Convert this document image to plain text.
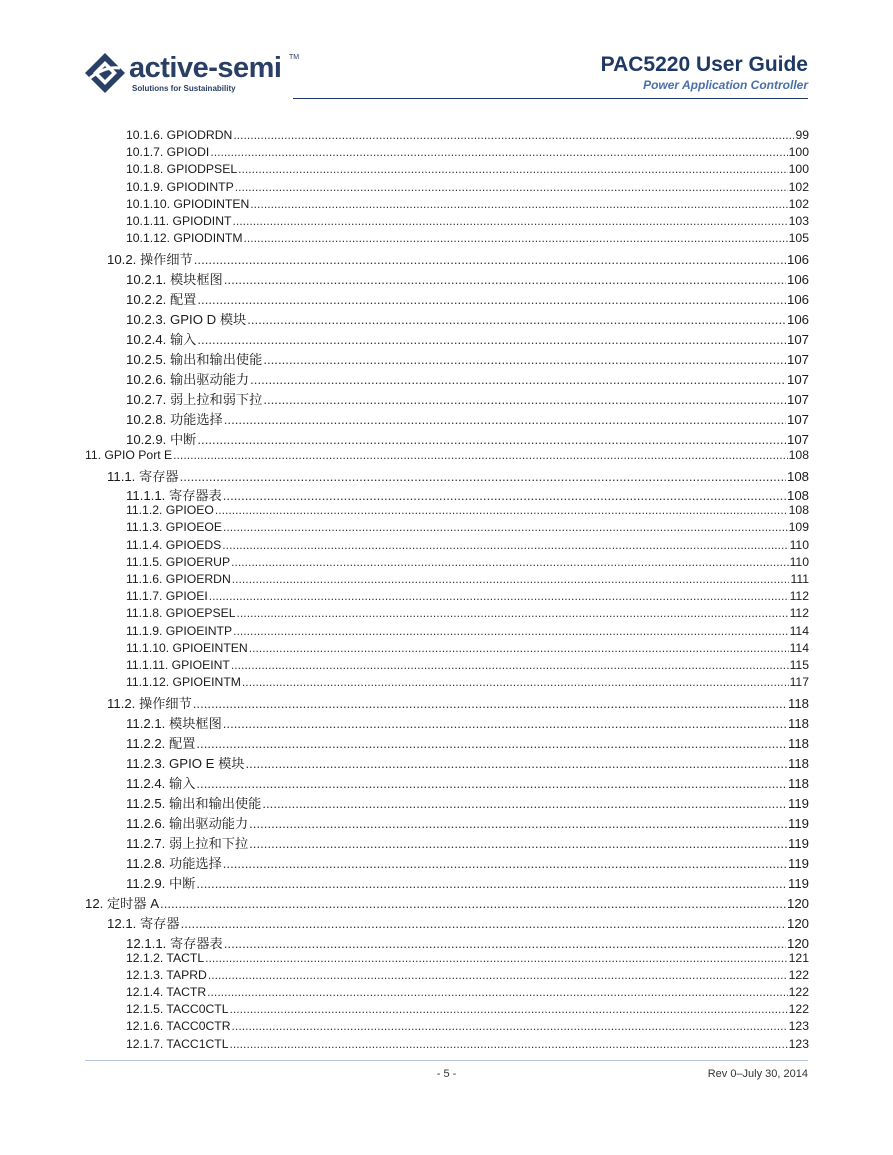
active-semi TM
Solutions for Sustainability
PAC5220 User Guide
Power Application Controller
10.1.6. GPIODRDN .....	99
10.1.7. GPIODI .....	100
10.1.8. GPIODPSEL .....	100
10.1.9. GPIODINTP .....	102
10.1.10. GPIODINTEN .....	102
10.1.11. GPIODINT .....	103
10.1.12. GPIODINTM .....	105
10.2. 操作细节 .....	106
10.2.1. 模块框图 .....	106
10.2.2. 配置 .....	106
10.2.3. GPIO D 模块 .....	106
10.2.4. 输入 .....	107
10.2.5. 输出和输出使能 .....	107
10.2.6. 输出驱动能力 .....	107
10.2.7. 弱上拉和弱下拉 .....	107
10.2.8. 功能选择 .....	107
10.2.9. 中断 .....	107
11. GPIO Port E .....	108
11.1. 寄存器 .....	108
11.1.1. 寄存器表 .....	108
11.1.2. GPIOEO .....	108
11.1.3. GPIOEOE .....	109
11.1.4. GPIOEDS .....	110
11.1.5. GPIOERUP .....	110
11.1.6. GPIOERDN .....	111
11.1.7. GPIOEI .....	112
11.1.8. GPIOEPSEL .....	112
11.1.9. GPIOEINTP .....	114
11.1.10. GPIOEINTEN .....	114
11.1.11. GPIOEINT .....	115
11.1.12. GPIOEINTM .....	117
11.2. 操作细节 .....	118
11.2.1. 模块框图 .....	118
11.2.2. 配置 .....	118
11.2.3. GPIO E 模块 .....	118
11.2.4. 输入 .....	118
11.2.5. 输出和输出使能 .....	119
11.2.6. 输出驱动能力 .....	119
11.2.7. 弱上拉和下拉 .....	119
11.2.8. 功能选择 .....	119
11.2.9. 中断 .....	119
12. 定时器 A .....	120
12.1. 寄存器 .....	120
12.1.1. 寄存器表 .....	120
12.1.2. TACTL .....	121
12.1.3. TAPRD .....	122
12.1.4. TACTR .....	122
12.1.5. TACC0CTL .....	122
12.1.6. TACC0CTR .....	123
12.1.7. TACC1CTL .....	123
- 5 -	Rev 0–July 30, 2014
